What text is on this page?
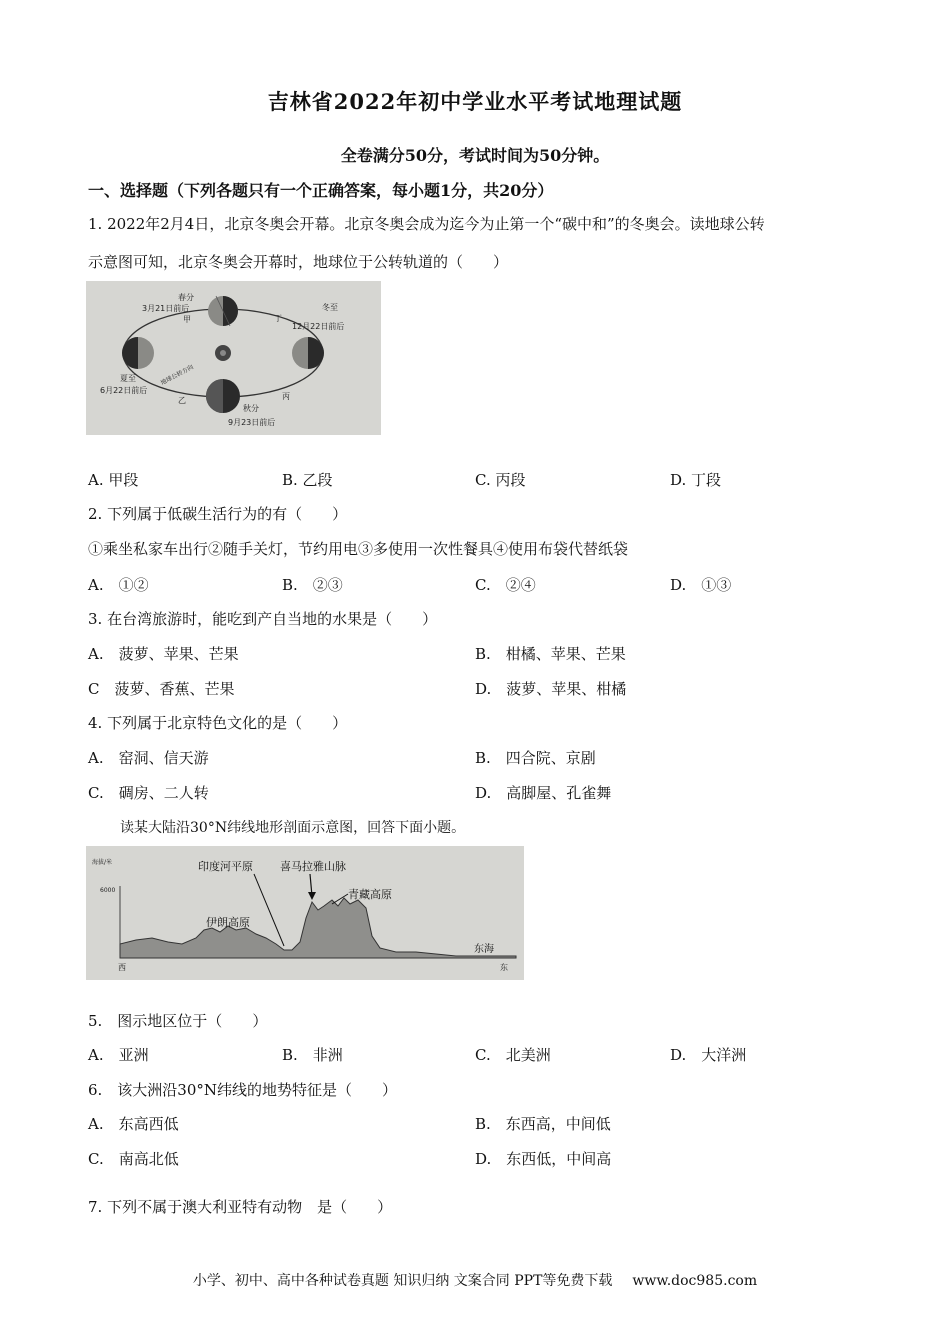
吉林省2022年初中学业水平考试地理试题
全卷满分50分，考试时间为50分钟。
一、选择题（下列各题只有一个正确答案，每小题1分，共20分）
1. 2022年2月4日，北京冬奥会开幕。北京冬奥会成为迄今为止第一个“碳中和”的冬奥会。读地球公转
示意图可知，北京冬奥会开幕时，地球位于公转轨道的（　　）
春分
3月21日前后
甲
冬至
12月22日前后
丁
夏至
6月22日前后
乙	丙
秋分
9月23日前后
地球公转方向
A. 甲段	B. 乙段	C. 丙段	D. 丁段
2. 下列属于低碳生活行为的有（　　）
①乘坐私家车出行②随手关灯，节约用电③多使用一次性餐具④使用布袋代替纸袋
A.　①②	B.　②③	C.　②④	D.　①③
3. 在台湾旅游时，能吃到产自当地的水果是（　　）
A.　菠萝、苹果、芒果	B.　柑橘、苹果、芒果
C　菠萝、香蕉、芒果	D.　菠萝、苹果、柑橘
4. 下列属于北京特色文化的是（　　）
A.　窑洞、信天游	B.　四合院、京剧
C.　碉房、二人转	D.　高脚屋、孔雀舞
读某大陆沿30°N纬线地形剖面示意图，回答下面小题。
海拔/米
6000
印度河平原 喜马拉雅山脉
青藏高原
伊朗高原
东海
西	东
5.　图示地区位于（　　）
A.　亚洲	B.　非洲	C.　北美洲	D.　大洋洲
6.　该大洲沿30°N纬线的地势特征是（　　）
A.　东高西低	B.　东西高，中间低
C.　南高北低	D.　东西低，中间高
7. 下列不属于澳大利亚特有动物　是（　　）
小学、初中、高中各种试卷真题 知识归纳 文案合同 PPT等免费下载 www.doc985.com
